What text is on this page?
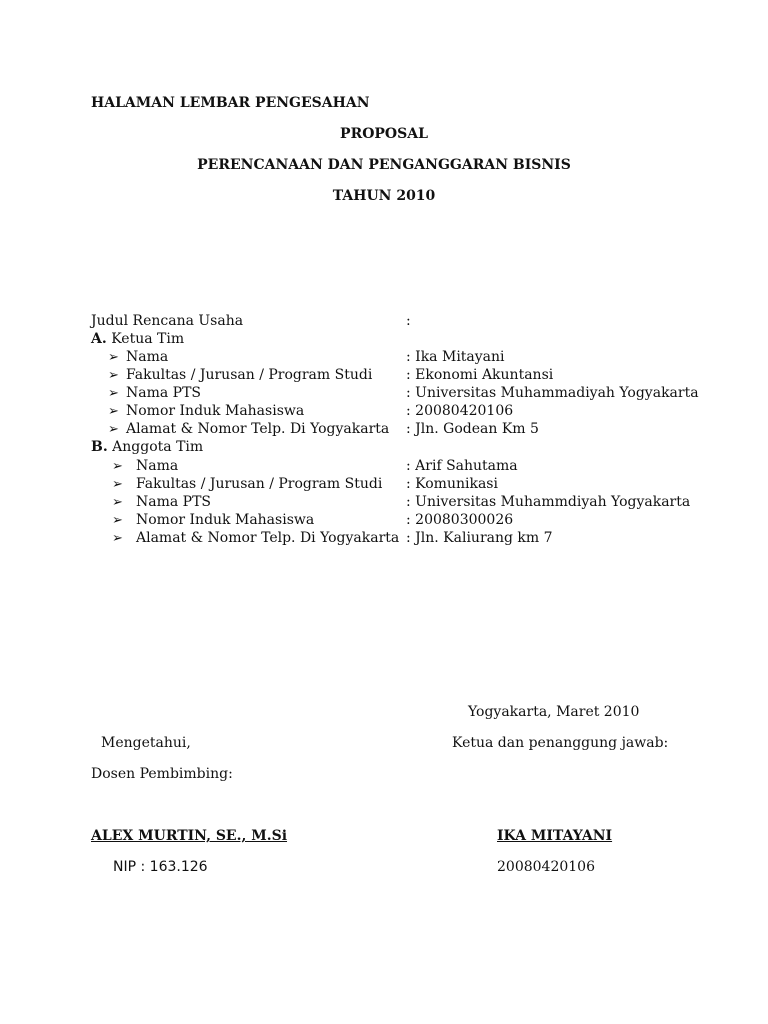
HALAMAN LEMBAR PENGESAHAN
PROPOSAL
PERENCANAAN DAN PENGANGGARAN BISNIS
TAHUN 2010
Judul Rencana Usaha	:
A. Ketua Tim
➢ Nama	: Ika Mitayani
➢ Fakultas / Jurusan / Program Studi : Ekonomi Akuntansi
➢ Nama PTS	: Universitas Muhammadiyah Yogyakarta
➢ Nomor Induk Mahasiswa	: 20080420106
➢ Alamat & Nomor Telp. Di Yogyakarta : Jln. Godean Km 5
B. Anggota Tim
➢ Nama	: Arif Sahutama
➢ Fakultas / Jurusan / Program Studi : Komunikasi
➢ Nama PTS	: Universitas Muhammdiyah Yogyakarta
➢ Nomor Induk Mahasiswa	: 20080300026
➢ Alamat & Nomor Telp. Di Yogyakarta : Jln. Kaliurang km 7
Yogyakarta, Maret 2010
Mengetahui,	Ketua dan penanggung jawab:
Dosen Pembimbing:
ALEX MURTIN, SE., M.Si	IKA MITAYANI
NIP : 163.126	20080420106
